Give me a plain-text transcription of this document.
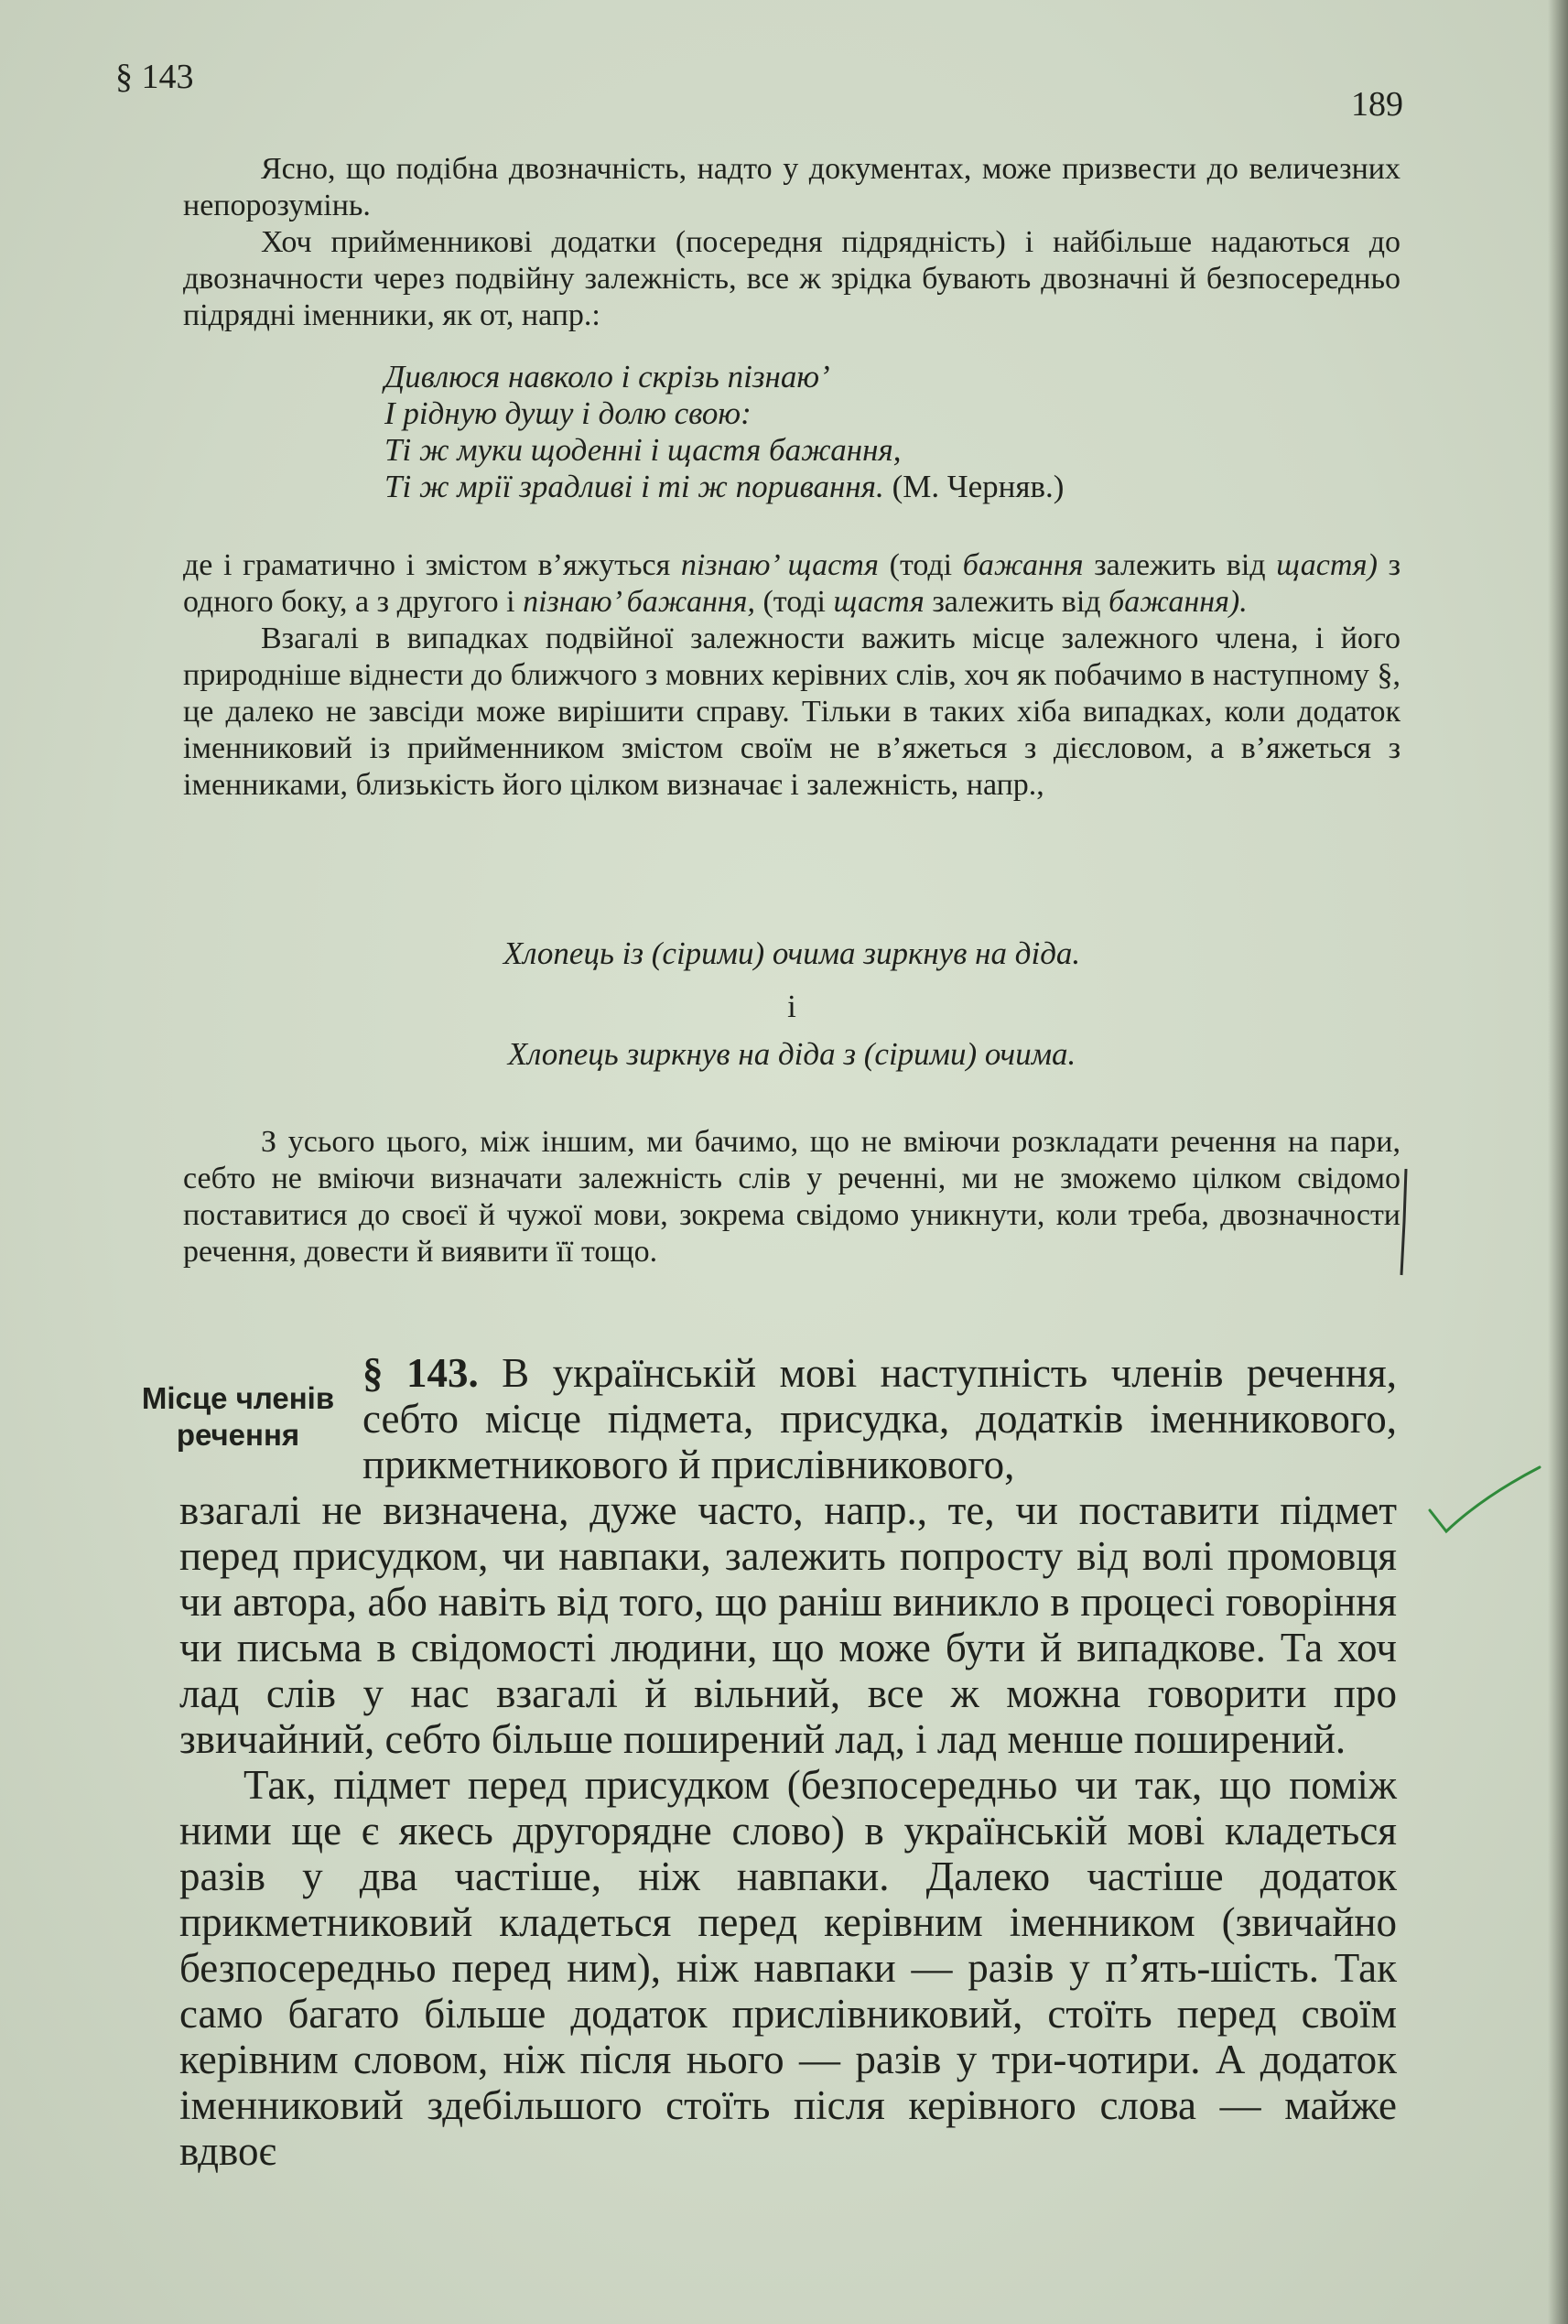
§ 143
189

Ясно, що подібна двозначність, надто у документах, може призвести до величезних непорозумінь.

Хоч прийменникові додатки (посередня підрядність) і найбільше надаються до двозначности через подвійну залежність, все ж зрідка бувають двозначні й безпосередньо підрядні іменники, як от, напр.:

Дивлюся навколо і скрізь пізнаю’
І рідную душу і долю свою:
Ті ж муки щоденні і щастя бажання,
Ті ж мрії зрадливі і ті ж поривання. (М. Черняв.)

де і граматично і змістом в’яжуться пізнаю’ щастя (тоді бажання залежить від щастя) з одного боку, а з другого і пізнаю’ бажання, (тоді щастя залежить від бажання).

Взагалі в випадках подвійної залежности важить місце залежного члена, і його природніше віднести до ближчого з мовних керівних слів, хоч як побачимо в наступному §, це далеко не завсіди може вирішити справу. Тільки в таких хіба випадках, коли додаток іменниковий із прийменником змістом своїм не в’яжеться з дієсловом, а в’яжеться з іменниками, близькість його цілком визначає і залежність, напр.,

Хлопець із (сірими) очима зиркнув на діда.
і
Хлопець зиркнув на діда з (сірими) очима.

З усього цього, між іншим, ми бачимо, що не вміючи розкладати речення на пари, себто не вміючи визначати залежність слів у реченні, ми не зможемо цілком свідомо поставитися до своєї й чужої мови, зокрема свідомо уникнути, коли треба, двозначности речення, довести й виявити її тощо.

Місце членів речення
§ 143. В українській мові наступність членів речення, себто місце підмета, присудка, додатків іменникового, прикметникового й прислівникового,

взагалі не визначена, дуже часто, напр., те, чи поставити підмет перед присудком, чи навпаки, залежить попросту від волі промовця чи автора, або навіть від того, що раніш виникло в процесі говоріння чи письма в свідомості людини, що може бути й випадкове. Та хоч лад слів у нас взагалі й вільний, все ж можна говорити про звичайний, себто більше поширений лад, і лад менше поширений.

Так, підмет перед присудком (безпосередньо чи так, що поміж ними ще є якесь другорядне слово) в українській мові кладеться разів у два частіше, ніж навпаки. Далеко частіше додаток прикметниковий кладеться перед керівним іменником (звичайно безпосередньо перед ним), ніж навпаки — разів у п’ять-шість. Так само багато більше додаток прислівниковий, стоїть перед своїм керівним словом, ніж після нього — разів у три-чотири. А додаток іменниковий здебільшого стоїть після керівного слова — майже вдвоє
